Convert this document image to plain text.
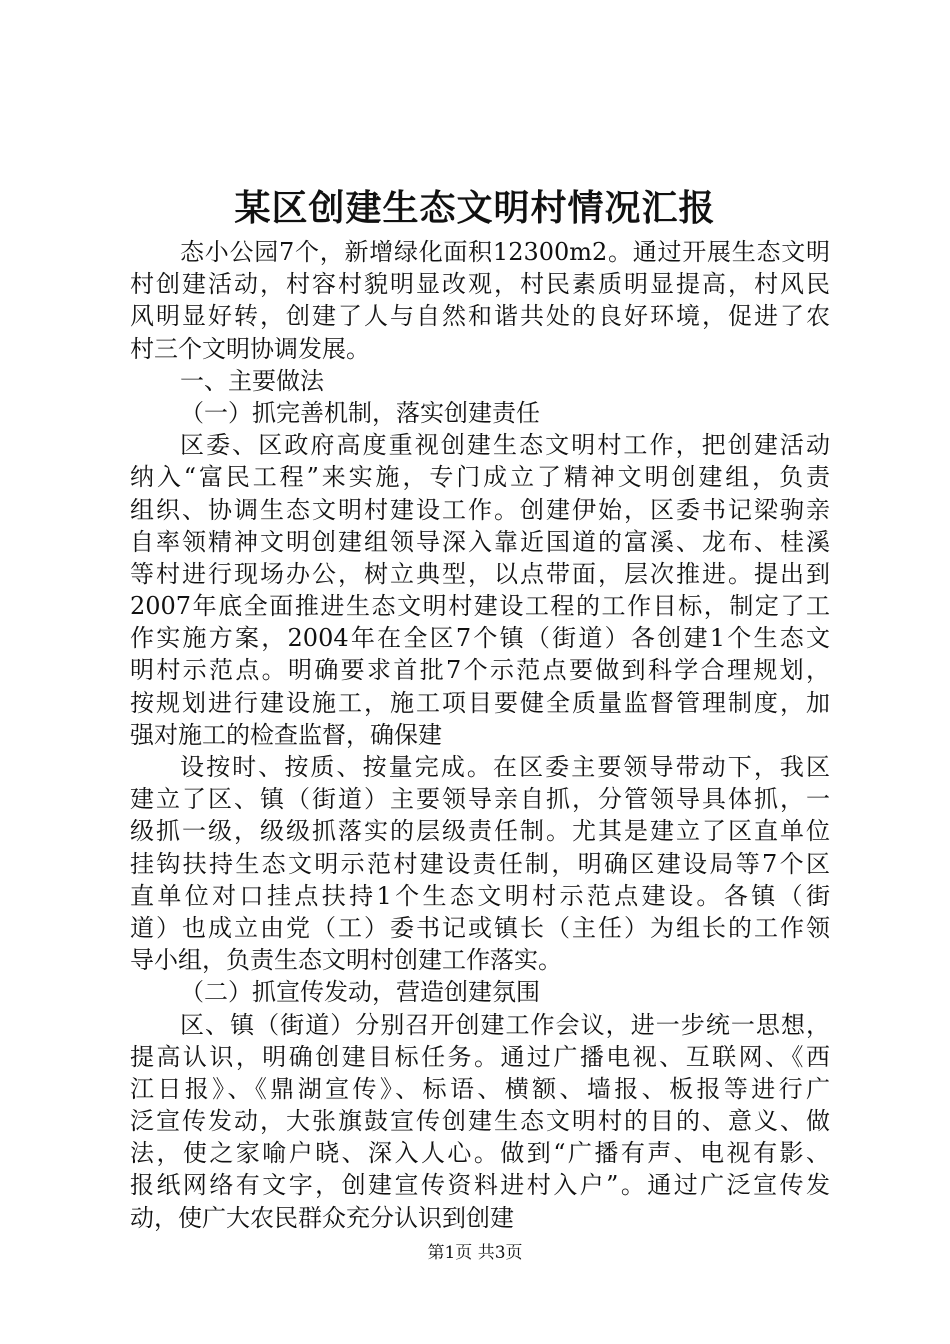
某区创建生态文明村情况汇报
态小公园7个，新增绿化面积12300m2。通过开展生态文明
村创建活动，村容村貌明显改观，村民素质明显提高，村风民
风明显好转，创建了人与自然和谐共处的良好环境，促进了农
村三个文明协调发展。
一、主要做法
（一）抓完善机制，落实创建责任
区委、区政府高度重视创建生态文明村工作，把创建活动
纳入“富民工程”来实施，专门成立了精神文明创建组，负责
组织、协调生态文明村建设工作。创建伊始，区委书记梁驹亲
自率领精神文明创建组领导深入靠近国道的富溪、龙布、桂溪
等村进行现场办公，树立典型，以点带面，层次推进。提出到
2007年底全面推进生态文明村建设工程的工作目标，制定了工
作实施方案，2004年在全区7个镇（街道）各创建1个生态文
明村示范点。明确要求首批7个示范点要做到科学合理规划，
按规划进行建设施工，施工项目要健全质量监督管理制度，加
强对施工的检查监督，确保建
设按时、按质、按量完成。在区委主要领导带动下，我区
建立了区、镇（街道）主要领导亲自抓，分管领导具体抓，一
级抓一级，级级抓落实的层级责任制。尤其是建立了区直单位
挂钩扶持生态文明示范村建设责任制，明确区建设局等7个区
直单位对口挂点扶持1个生态文明村示范点建设。各镇（街
道）也成立由党（工）委书记或镇长（主任）为组长的工作领
导小组，负责生态文明村创建工作落实。
（二）抓宣传发动，营造创建氛围
区、镇（街道）分别召开创建工作会议，进一步统一思想，
提高认识，明确创建目标任务。通过广播电视、互联网、《西
江日报》、《鼎湖宣传》、标语、横额、墙报、板报等进行广
泛宣传发动，大张旗鼓宣传创建生态文明村的目的、意义、做
法，使之家喻户晓、深入人心。做到“广播有声、电视有影、
报纸网络有文字，创建宣传资料进村入户”。通过广泛宣传发
动，使广大农民群众充分认识到创建
第1页 共3页
